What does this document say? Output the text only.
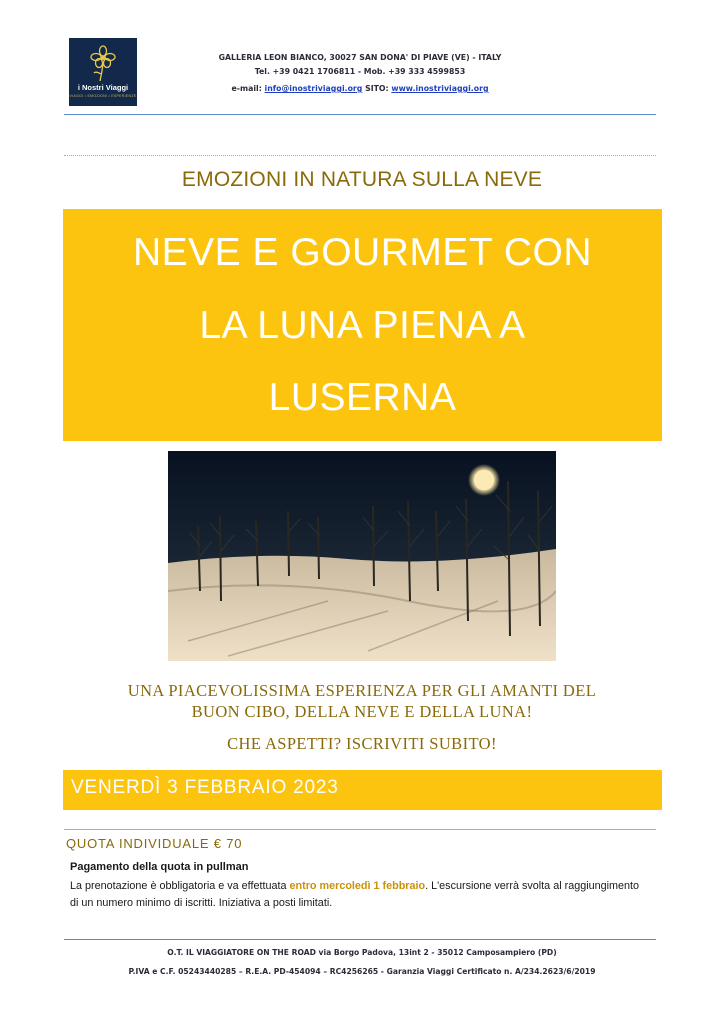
i Nostri Viaggi
VIAGGI • EMOZIONI • ESPERIENZE
GALLERIA LEON BIANCO, 30027 SAN DONA' DI PIAVE (VE) - ITALY
Tel. +39 0421 1706811 - Mob. +39 333 4599853
e-mail: info@inostriviaggi.org SITO: www.inostriviaggi.org
EMOZIONI IN NATURA SULLA NEVE
NEVE E GOURMET CON
LA LUNA PIENA A
LUSERNA
UNA PIACEVOLISSIMA ESPERIENZA PER GLI AMANTI DEL
BUON CIBO, DELLA NEVE E DELLA LUNA!
CHE ASPETTI? ISCRIVITI SUBITO!
VENERDÌ 3 FEBBRAIO 2023
QUOTA INDIVIDUALE € 70
Pagamento della quota in pullman
La prenotazione è obbligatoria e va effettuata entro mercoledì 1 febbraio. L'escursione verrà svolta al raggiungimento di un numero minimo di iscritti. Iniziativa a posti limitati.
O.T. IL VIAGGIATORE ON THE ROAD via Borgo Padova, 13int 2 - 35012 Camposampiero (PD)
P.IVA e C.F. 05243440285 – R.E.A. PD-454094 – RC4256265 - Garanzia Viaggi Certificato n. A/234.2623/6/2019
